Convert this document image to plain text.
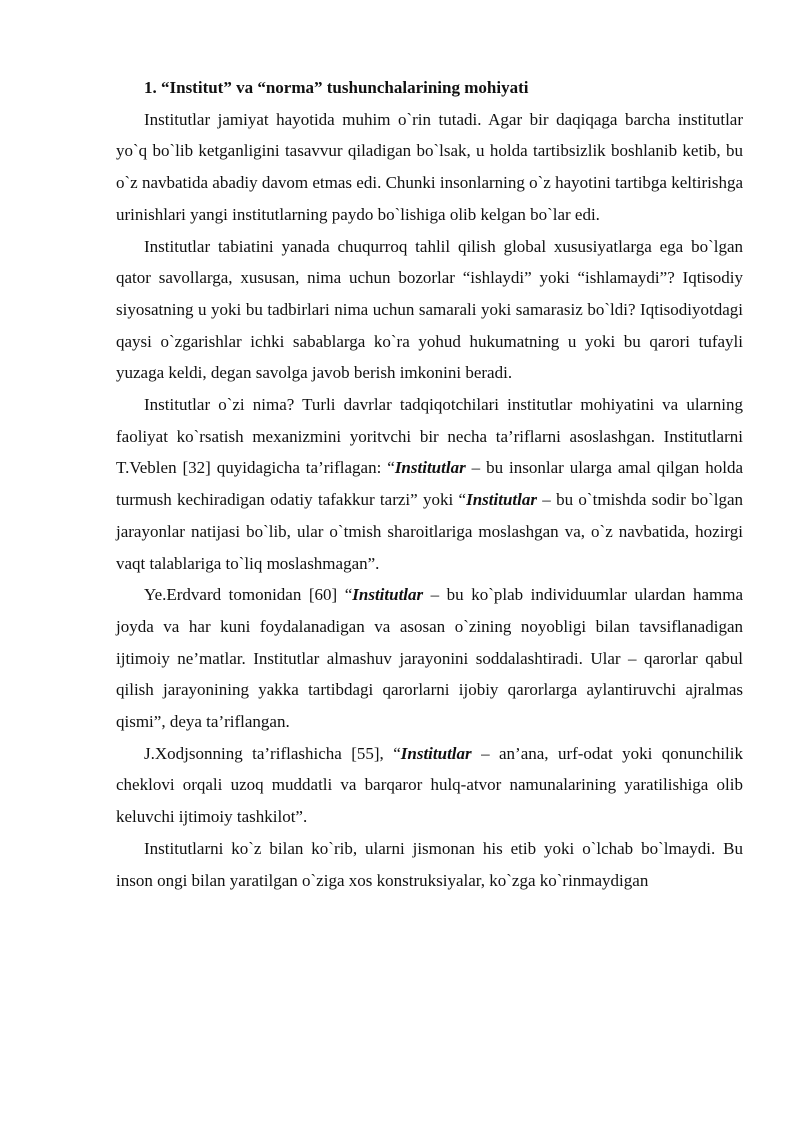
1. “Institut” va “norma” tushunchalarining mohiyati

Institutlar jamiyat hayotida muhim o`rin tutadi. Agar bir daqiqaga barcha institutlar yo`q bo`lib ketganligini tasavvur qiladigan bo`lsak, u holda tartibsizlik boshlanib ketib, bu o`z navbatida abadiy davom etmas edi. Chunki insonlarning o`z hayotini tartibga keltirishga urinishlari yangi institutlarning paydo bo`lishiga olib kelgan bo`lar edi.

Institutlar tabiatini yanada chuqurroq tahlil qilish global xususiyatlarga ega bo`lgan qator savollarga, xususan, nima uchun bozorlar “ishlaydi” yoki “ishlamaydi”? Iqtisodiy siyosatning u yoki bu tadbirlari nima uchun samarali yoki samarasiz bo`ldi? Iqtisodiyotdagi qaysi o`zgarishlar ichki sabablarga ko`ra yohud hukumatning u yoki bu qarori tufayli yuzaga keldi, degan savolga javob berish imkonini beradi.

Institutlar o`zi nima? Turli davrlar tadqiqotchilari institutlar mohiyatini va ularning faoliyat ko`rsatish mexanizmini yoritvchi bir necha ta’riflarni asoslashgan. Institutlarni T.Veblen [32] quyidagicha ta’riflagan: “Institutlar – bu insonlar ularga amal qilgan holda turmush kechiradigan odatiy tafakkur tarzi” yoki “Institutlar – bu o`tmishda sodir bo`lgan jarayonlar natijasi bo`lib, ular o`tmish sharoitlariga moslashgan va, o`z navbatida, hozirgi vaqt talablariga to`liq moslashmagan”.

Ye.Erdvard tomonidan [60] “Institutlar – bu ko`plab individuumlar ulardan hamma joyda va har kuni foydalanadigan va asosan o`zining noyobligi bilan tavsiflanadigan ijtimoiy ne’matlar. Institutlar almashuv jarayonini soddalashtiradi. Ular – qarorlar qabul qilish jarayonining yakka tartibdagi qarorlarni ijobiy qarorlarga aylantiruvchi ajralmas qismi”, deya ta’riflangan.

J.Xodjsonning ta’riflashicha [55], “Institutlar – an’ana, urf-odat yoki qonunchilik cheklovi orqali uzoq muddatli va barqaror hulq-atvor namunalarining yaratilishiga olib keluvchi ijtimoiy tashkilot”.

Institutlarni ko`z bilan ko`rib, ularni jismonan his etib yoki o`lchab bo`lmaydi. Bu inson ongi bilan yaratilgan o`ziga xos konstruksiyalar, ko`zga ko`rinmaydigan
